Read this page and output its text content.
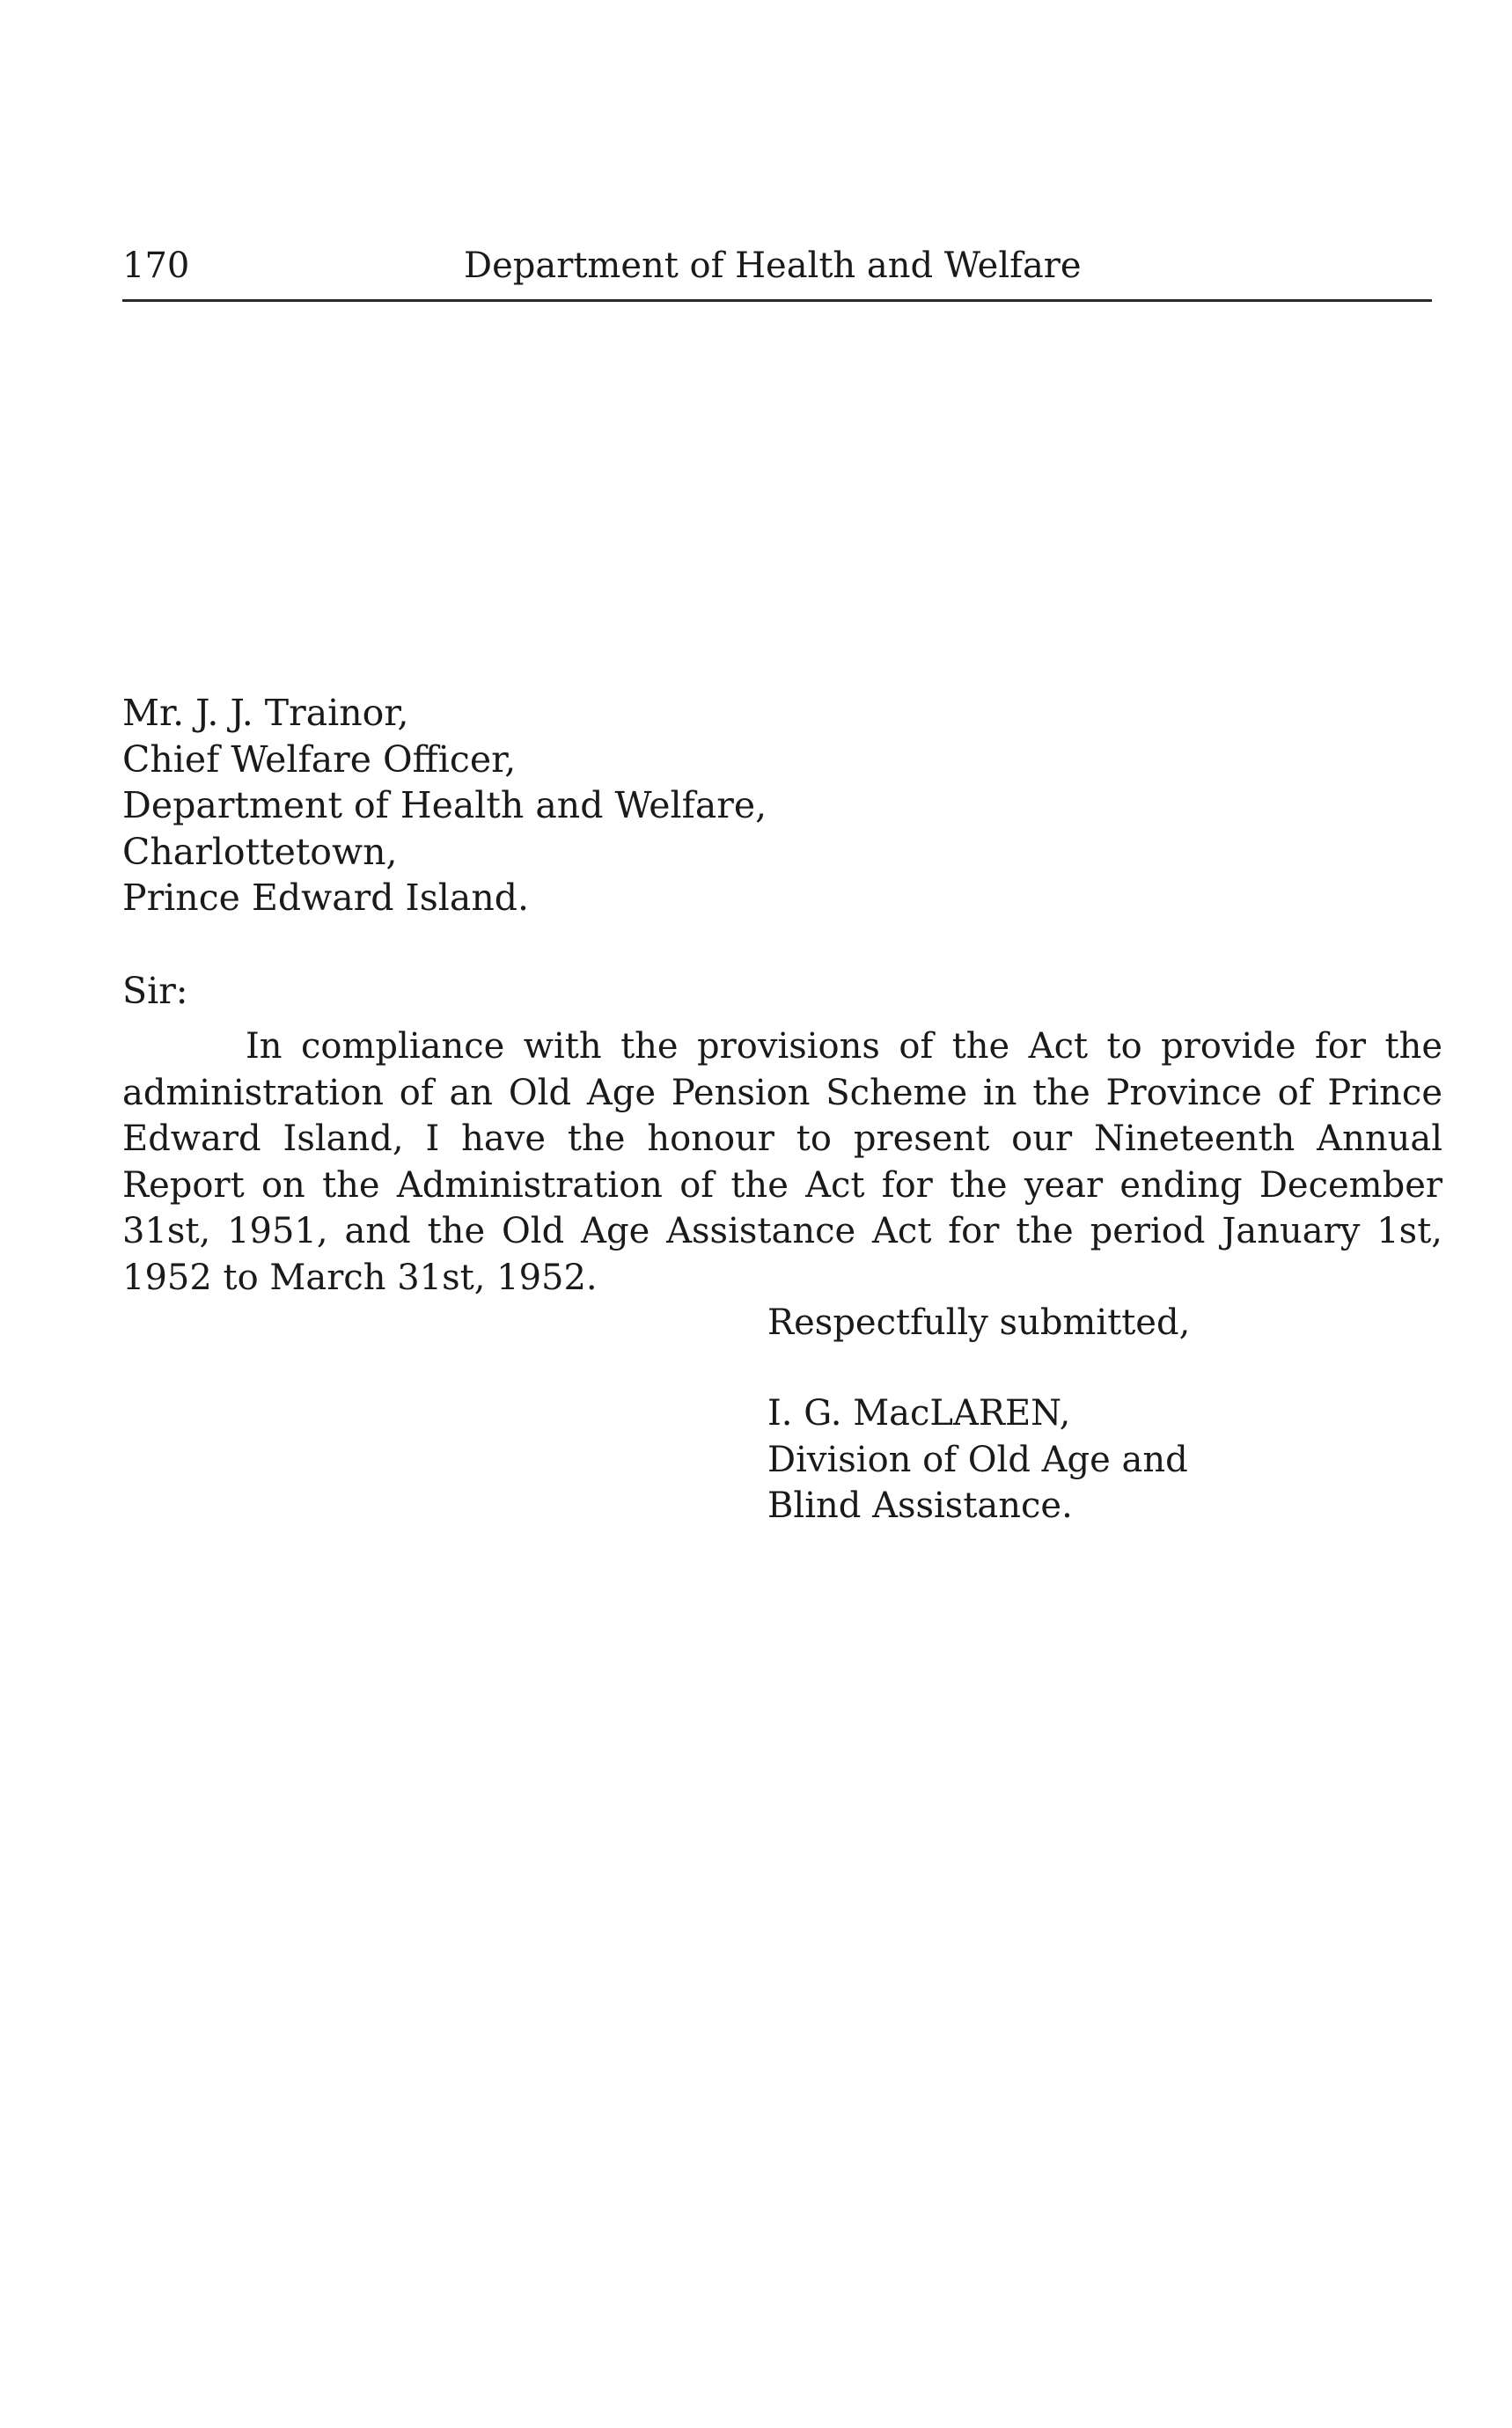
170	Department of Health and Welfare
Mr. J. J. Trainor,
Chief Welfare Officer,
Department of Health and Welfare,
Charlottetown,
Prince Edward Island.
Sir:
In compliance with the provisions of the Act to provide for the
administration of an Old Age Pension Scheme in the Province of Prince
Edward Island, I have the honour to present our Nineteenth Annual
Report on the Administration of the Act for the year ending December
31st, 1951, and the Old Age Assistance Act for the period January 1st,
1952 to March 31st, 1952.
Respectfully submitted,
I. G. MacLAREN,
Division of Old Age and
Blind Assistance.
